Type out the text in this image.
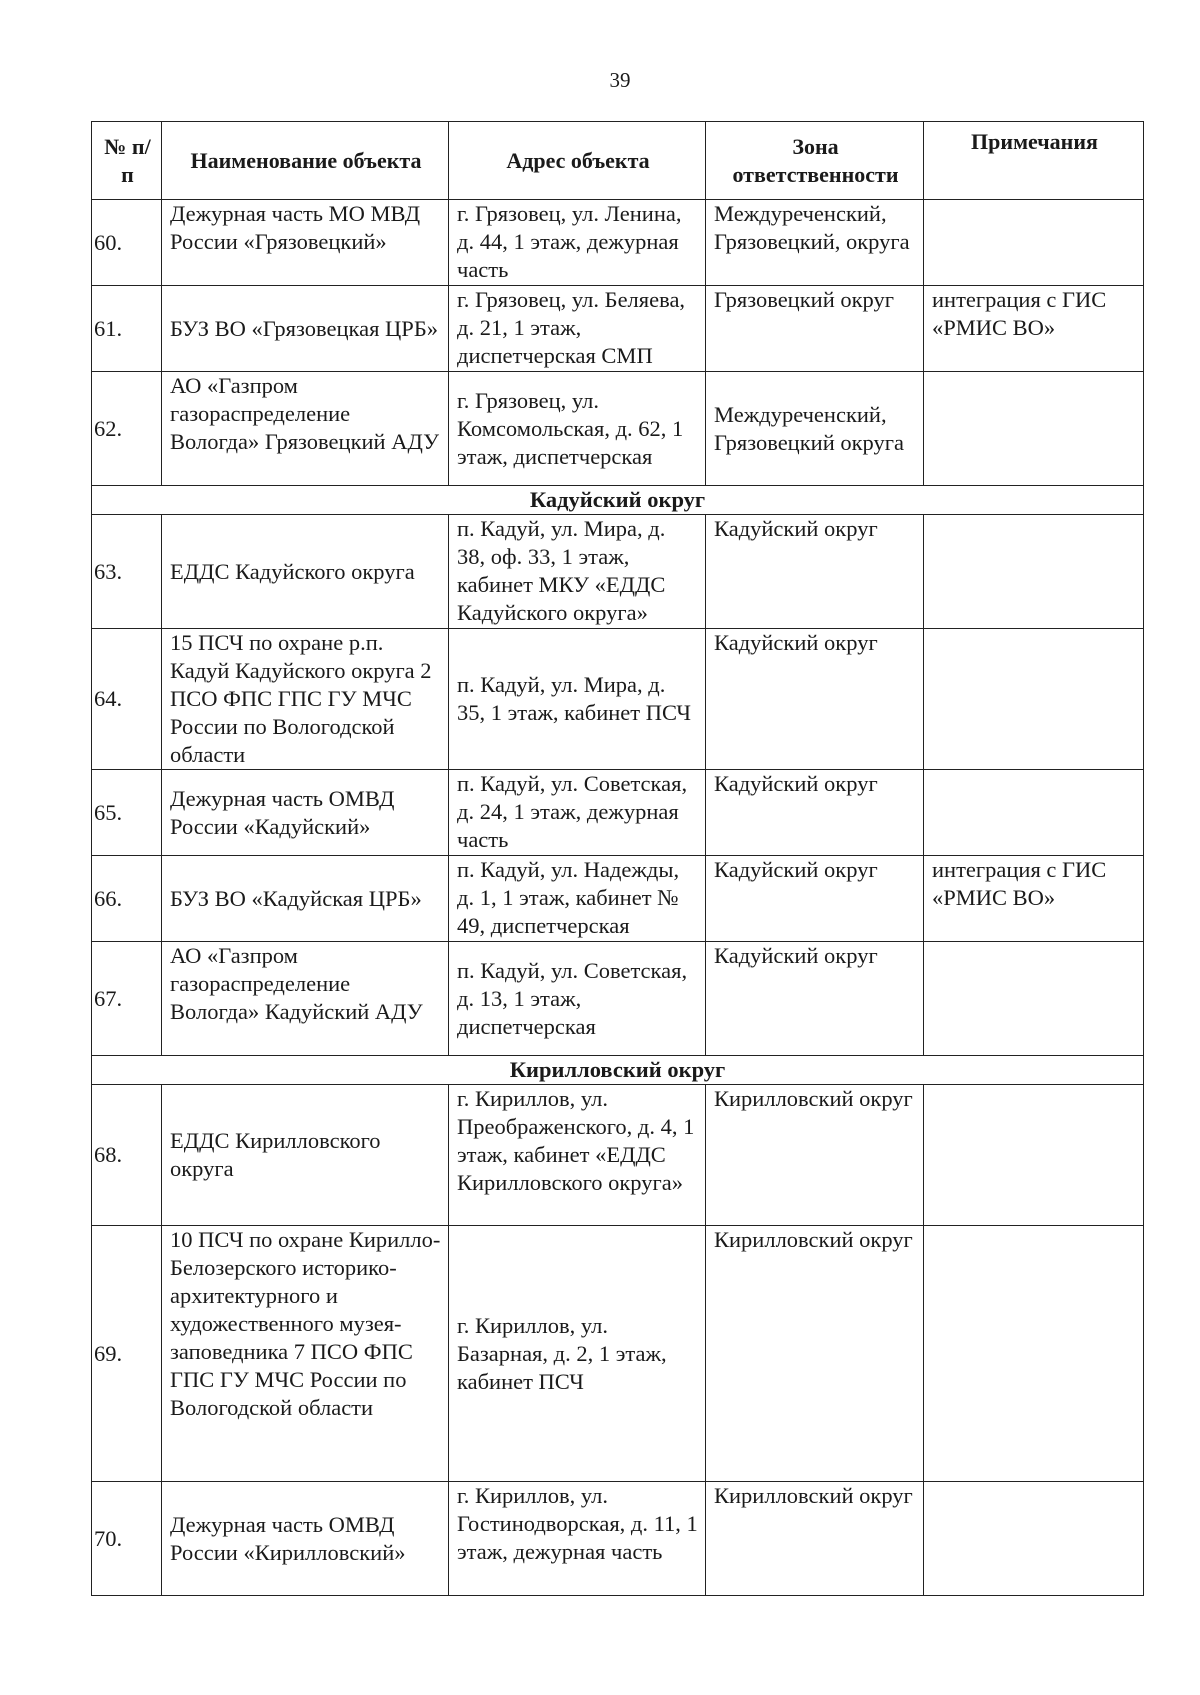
39
№ п/п	Наименование объекта	Адрес объекта	Зона ответственности	Примечания
60.	Дежурная часть МО МВД России «Грязовецкий»	г. Грязовец, ул. Ленина, д. 44, 1 этаж, дежурная часть	Междуреченский, Грязовецкий, округа	
61.	БУЗ ВО «Грязовецкая ЦРБ»	г. Грязовец, ул. Беляева, д. 21, 1 этаж, диспетчерская СМП	Грязовецкий округ	интеграция с ГИС «РМИС ВО»
62.	АО «Газпром газораспределение Вологда» Грязовецкий АДУ	г. Грязовец, ул. Комсомольская, д. 62, 1 этаж, диспетчерская	Междуреченский, Грязовецкий округа	
Кадуйский округ				
63.	ЕДДС Кадуйского округа	п. Кадуй, ул. Мира, д. 38, оф. 33, 1 этаж, кабинет МКУ «ЕДДС Кадуйского округа»	Кадуйский округ	
64.	15 ПСЧ по охране р.п. Кадуй Кадуйского округа 2 ПСО ФПС ГПС ГУ МЧС России по Вологодской области	п. Кадуй, ул. Мира, д. 35, 1 этаж, кабинет ПСЧ	Кадуйский округ	
65.	Дежурная часть ОМВД России «Кадуйский»	п. Кадуй, ул. Советская, д. 24, 1 этаж, дежурная часть	Кадуйский округ	
66.	БУЗ ВО «Кадуйская ЦРБ»	п. Кадуй, ул. Надежды, д. 1, 1 этаж, кабинет № 49, диспетчерская	Кадуйский округ	интеграция с ГИС «РМИС ВО»
67.	АО «Газпром газораспределение Вологда» Кадуйский АДУ	п. Кадуй, ул. Советская, д. 13, 1 этаж, диспетчерская	Кадуйский округ	
Кирилловский округ				
68.	ЕДДС Кирилловского округа	г. Кириллов, ул. Преображенского, д. 4, 1 этаж, кабинет «ЕДДС Кирилловского округа»	Кирилловский округ	
69.	10 ПСЧ по охране Кирилло-Белозерского историко-архитектурного и художественного музея-заповедника 7 ПСО ФПС ГПС ГУ МЧС России по Вологодской области	г. Кириллов, ул. Базарная, д. 2, 1 этаж, кабинет ПСЧ	Кирилловский округ	
70.	Дежурная часть ОМВД России «Кирилловский»	г. Кириллов, ул. Гостинодворская, д. 11, 1 этаж, дежурная часть	Кирилловский округ	
